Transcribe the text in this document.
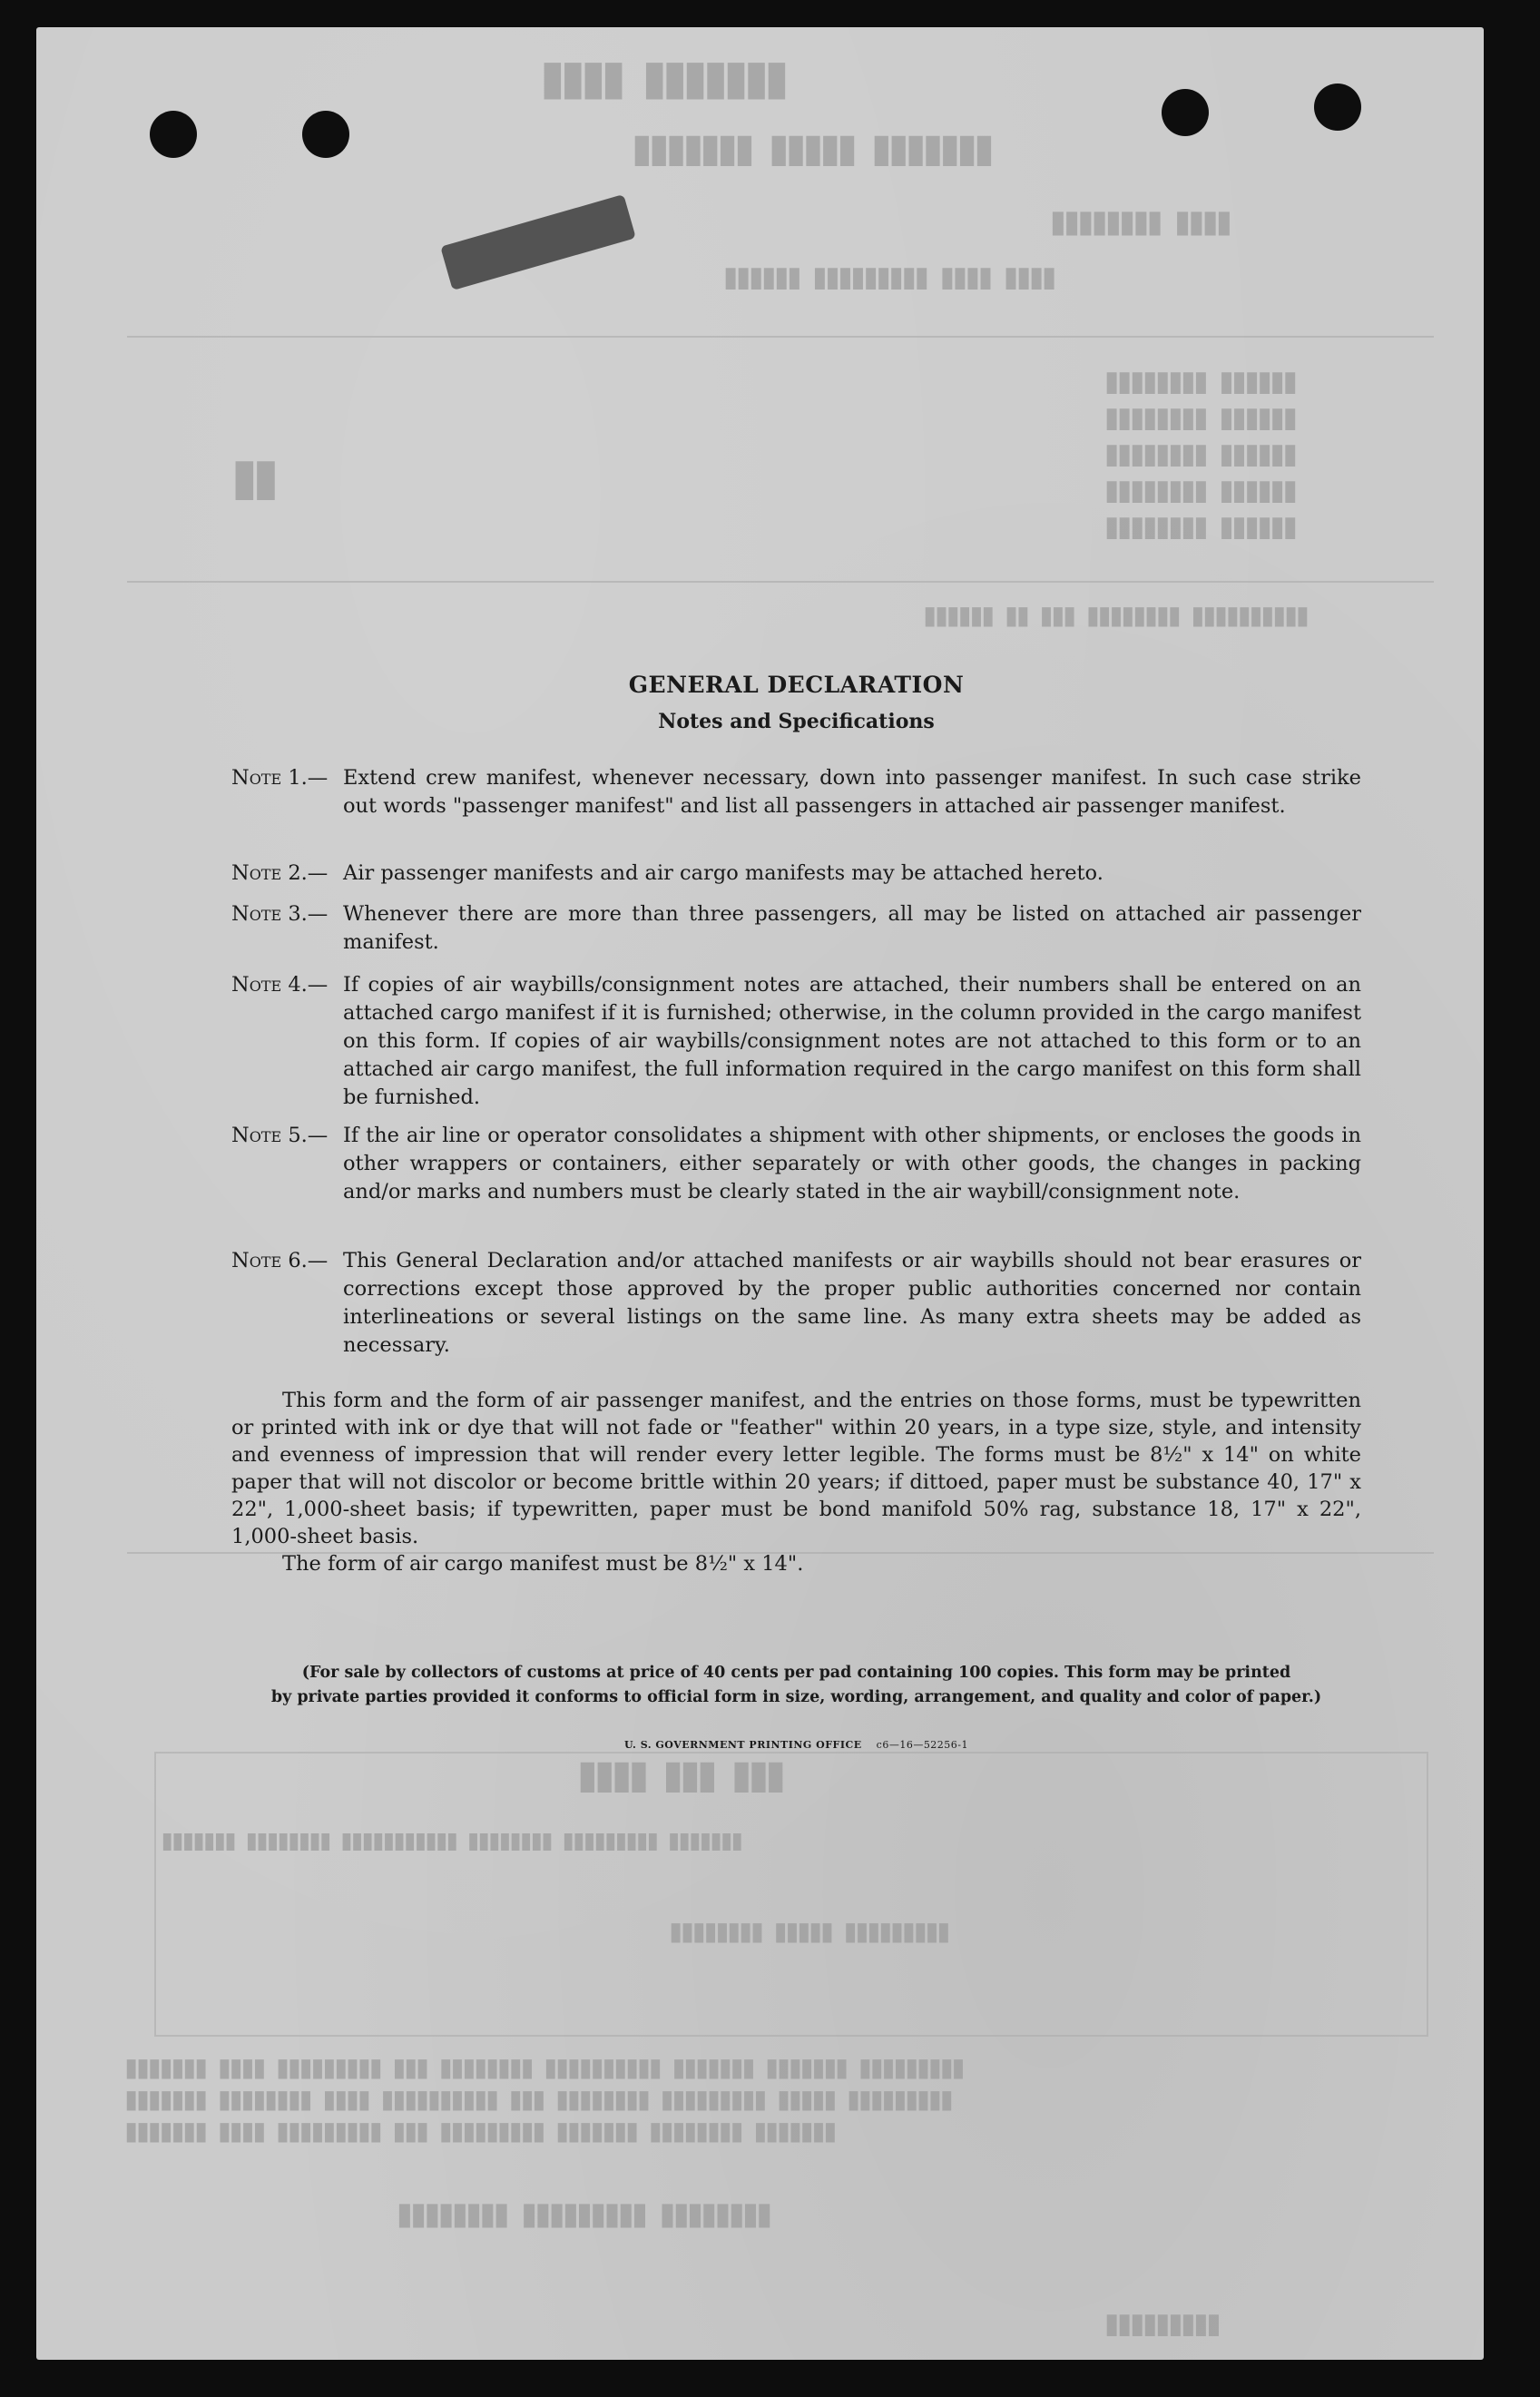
▉▉▉▉ ▉▉▉▉▉▉▉
▉▉▉▉▉▉▉ ▉▉▉▉▉ ▉▉▉▉▉▉▉
▉▉▉▉▉▉▉▉ ▉▉▉▉
▉▉▉▉▉▉ ▉▉▉▉▉▉▉▉▉ ▉▉▉▉ ▉▉▉▉
▉▉▉▉▉▉▉▉ ▉▉▉▉▉▉
▉▉▉▉▉▉▉▉ ▉▉▉▉▉▉
▉▉▉▉▉▉▉▉ ▉▉▉▉▉▉
▉▉▉▉▉▉▉▉ ▉▉▉▉▉▉
▉▉▉▉▉▉▉▉ ▉▉▉▉▉▉
▉▉
▉▉▉▉▉▉ ▉▉ ▉▉▉ ▉▉▉▉▉▉▉▉ ▉▉▉▉▉▉▉▉▉▉
▉▉▉▉ ▉▉▉ ▉▉▉
▉▉▉▉▉▉▉ ▉▉▉▉▉▉▉▉ ▉▉▉▉▉▉▉▉▉▉▉ ▉▉▉▉▉▉▉▉ ▉▉▉▉▉▉▉▉▉ ▉▉▉▉▉▉▉
▉▉▉▉▉▉▉▉ ▉▉▉▉▉ ▉▉▉▉▉▉▉▉▉
▉▉▉▉▉▉▉ ▉▉▉▉ ▉▉▉▉▉▉▉▉▉ ▉▉▉ ▉▉▉▉▉▉▉▉ ▉▉▉▉▉▉▉▉▉▉ ▉▉▉▉▉▉▉ ▉▉▉▉▉▉▉ ▉▉▉▉▉▉▉▉▉
▉▉▉▉▉▉▉ ▉▉▉▉▉▉▉▉ ▉▉▉▉ ▉▉▉▉▉▉▉▉▉▉ ▉▉▉ ▉▉▉▉▉▉▉▉ ▉▉▉▉▉▉▉▉▉ ▉▉▉▉▉ ▉▉▉▉▉▉▉▉▉
▉▉▉▉▉▉▉ ▉▉▉▉ ▉▉▉▉▉▉▉▉▉ ▉▉▉ ▉▉▉▉▉▉▉▉▉ ▉▉▉▉▉▉▉ ▉▉▉▉▉▉▉▉ ▉▉▉▉▉▉▉
▉▉▉▉▉▉▉▉ ▉▉▉▉▉▉▉▉▉ ▉▉▉▉▉▉▉▉
▉▉▉▉▉▉▉▉▉
GENERAL DECLARATION
Notes and Specifications
Note 1.— Extend crew manifest, whenever necessary, down into passenger manifest. In such case strike out words "passenger manifest" and list all passengers in attached air passenger manifest.
Note 2.— Air passenger manifests and air cargo manifests may be attached hereto.
Note 3.— Whenever there are more than three passengers, all may be listed on attached air passenger manifest.
Note 4.— If copies of air waybills/consignment notes are attached, their numbers shall be entered on an attached cargo manifest if it is furnished; otherwise, in the column provided in the cargo manifest on this form. If copies of air waybills/consignment notes are not attached to this form or to an attached air cargo manifest, the full information required in the cargo manifest on this form shall be furnished.
Note 5.— If the air line or operator consolidates a shipment with other shipments, or encloses the goods in other wrappers or containers, either separately or with other goods, the changes in packing and/or marks and numbers must be clearly stated in the air waybill/consignment note.
Note 6.— This General Declaration and/or attached manifests or air waybills should not bear erasures or corrections except those approved by the proper public authorities concerned nor contain interlineations or several listings on the same line. As many extra sheets may be added as necessary.
This form and the form of air passenger manifest, and the entries on those forms, must be typewritten or printed with ink or dye that will not fade or "feather" within 20 years, in a type size, style, and intensity and evenness of impression that will render every letter legible. The forms must be 8½" x 14" on white paper that will not discolor or become brittle within 20 years; if dittoed, paper must be substance 40, 17" x 22", 1,000-sheet basis; if typewritten, paper must be bond manifold 50% rag, substance 18, 17" x 22", 1,000-sheet basis.
The form of air cargo manifest must be 8½" x 14".
(For sale by collectors of customs at price of 40 cents per pad containing 100 copies. This form may be printed
by private parties provided it conforms to official form in size, wording, arrangement, and quality and color of paper.)
U. S. GOVERNMENT PRINTING OFFICE c6—16—52256-1
